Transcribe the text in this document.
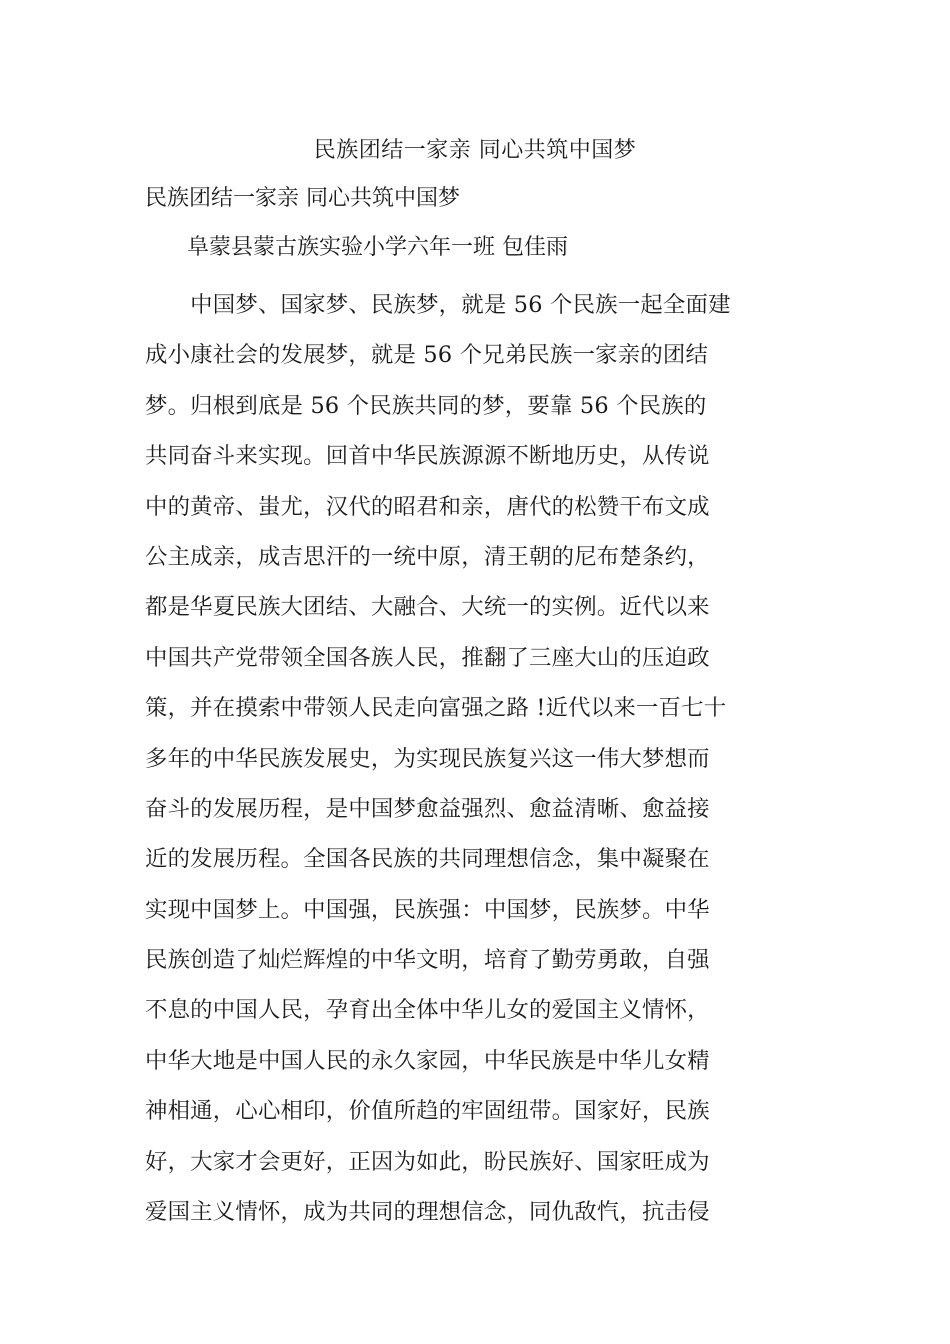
民族团结一家亲 同心共筑中国梦
民族团结一家亲 同心共筑中国梦

阜蒙县蒙古族实验小学六年一班 包佳雨

　　中国梦、国家梦、民族梦，就是 56 个民族一起全面建
成小康社会的发展梦，就是 56 个兄弟民族一家亲的团结
梦。归根到底是 56 个民族共同的梦，要靠 56 个民族的
共同奋斗来实现。回首中华民族源源不断地历史，从传说
中的黄帝、蚩尤，汉代的昭君和亲，唐代的松赞干布文成
公主成亲，成吉思汗的一统中原，清王朝的尼布楚条约，
都是华夏民族大团结、大融合、大统一的实例。近代以来
中国共产党带领全国各族人民，推翻了三座大山的压迫政
策，并在摸索中带领人民走向富强之路 !近代以来一百七十
多年的中华民族发展史，为实现民族复兴这一伟大梦想而
奋斗的发展历程，是中国梦愈益强烈、愈益清晰、愈益接
近的发展历程。全国各民族的共同理想信念，集中凝聚在
实现中国梦上。中国强，民族强：中国梦，民族梦。中华
民族创造了灿烂辉煌的中华文明，培育了勤劳勇敢，自强
不息的中国人民，孕育出全体中华儿女的爱国主义情怀，
中华大地是中国人民的永久家园，中华民族是中华儿女精
神相通，心心相印，价值所趋的牢固纽带。国家好，民族
好，大家才会更好，正因为如此，盼民族好、国家旺成为
爱国主义情怀，成为共同的理想信念，同仇敌忾，抗击侵
